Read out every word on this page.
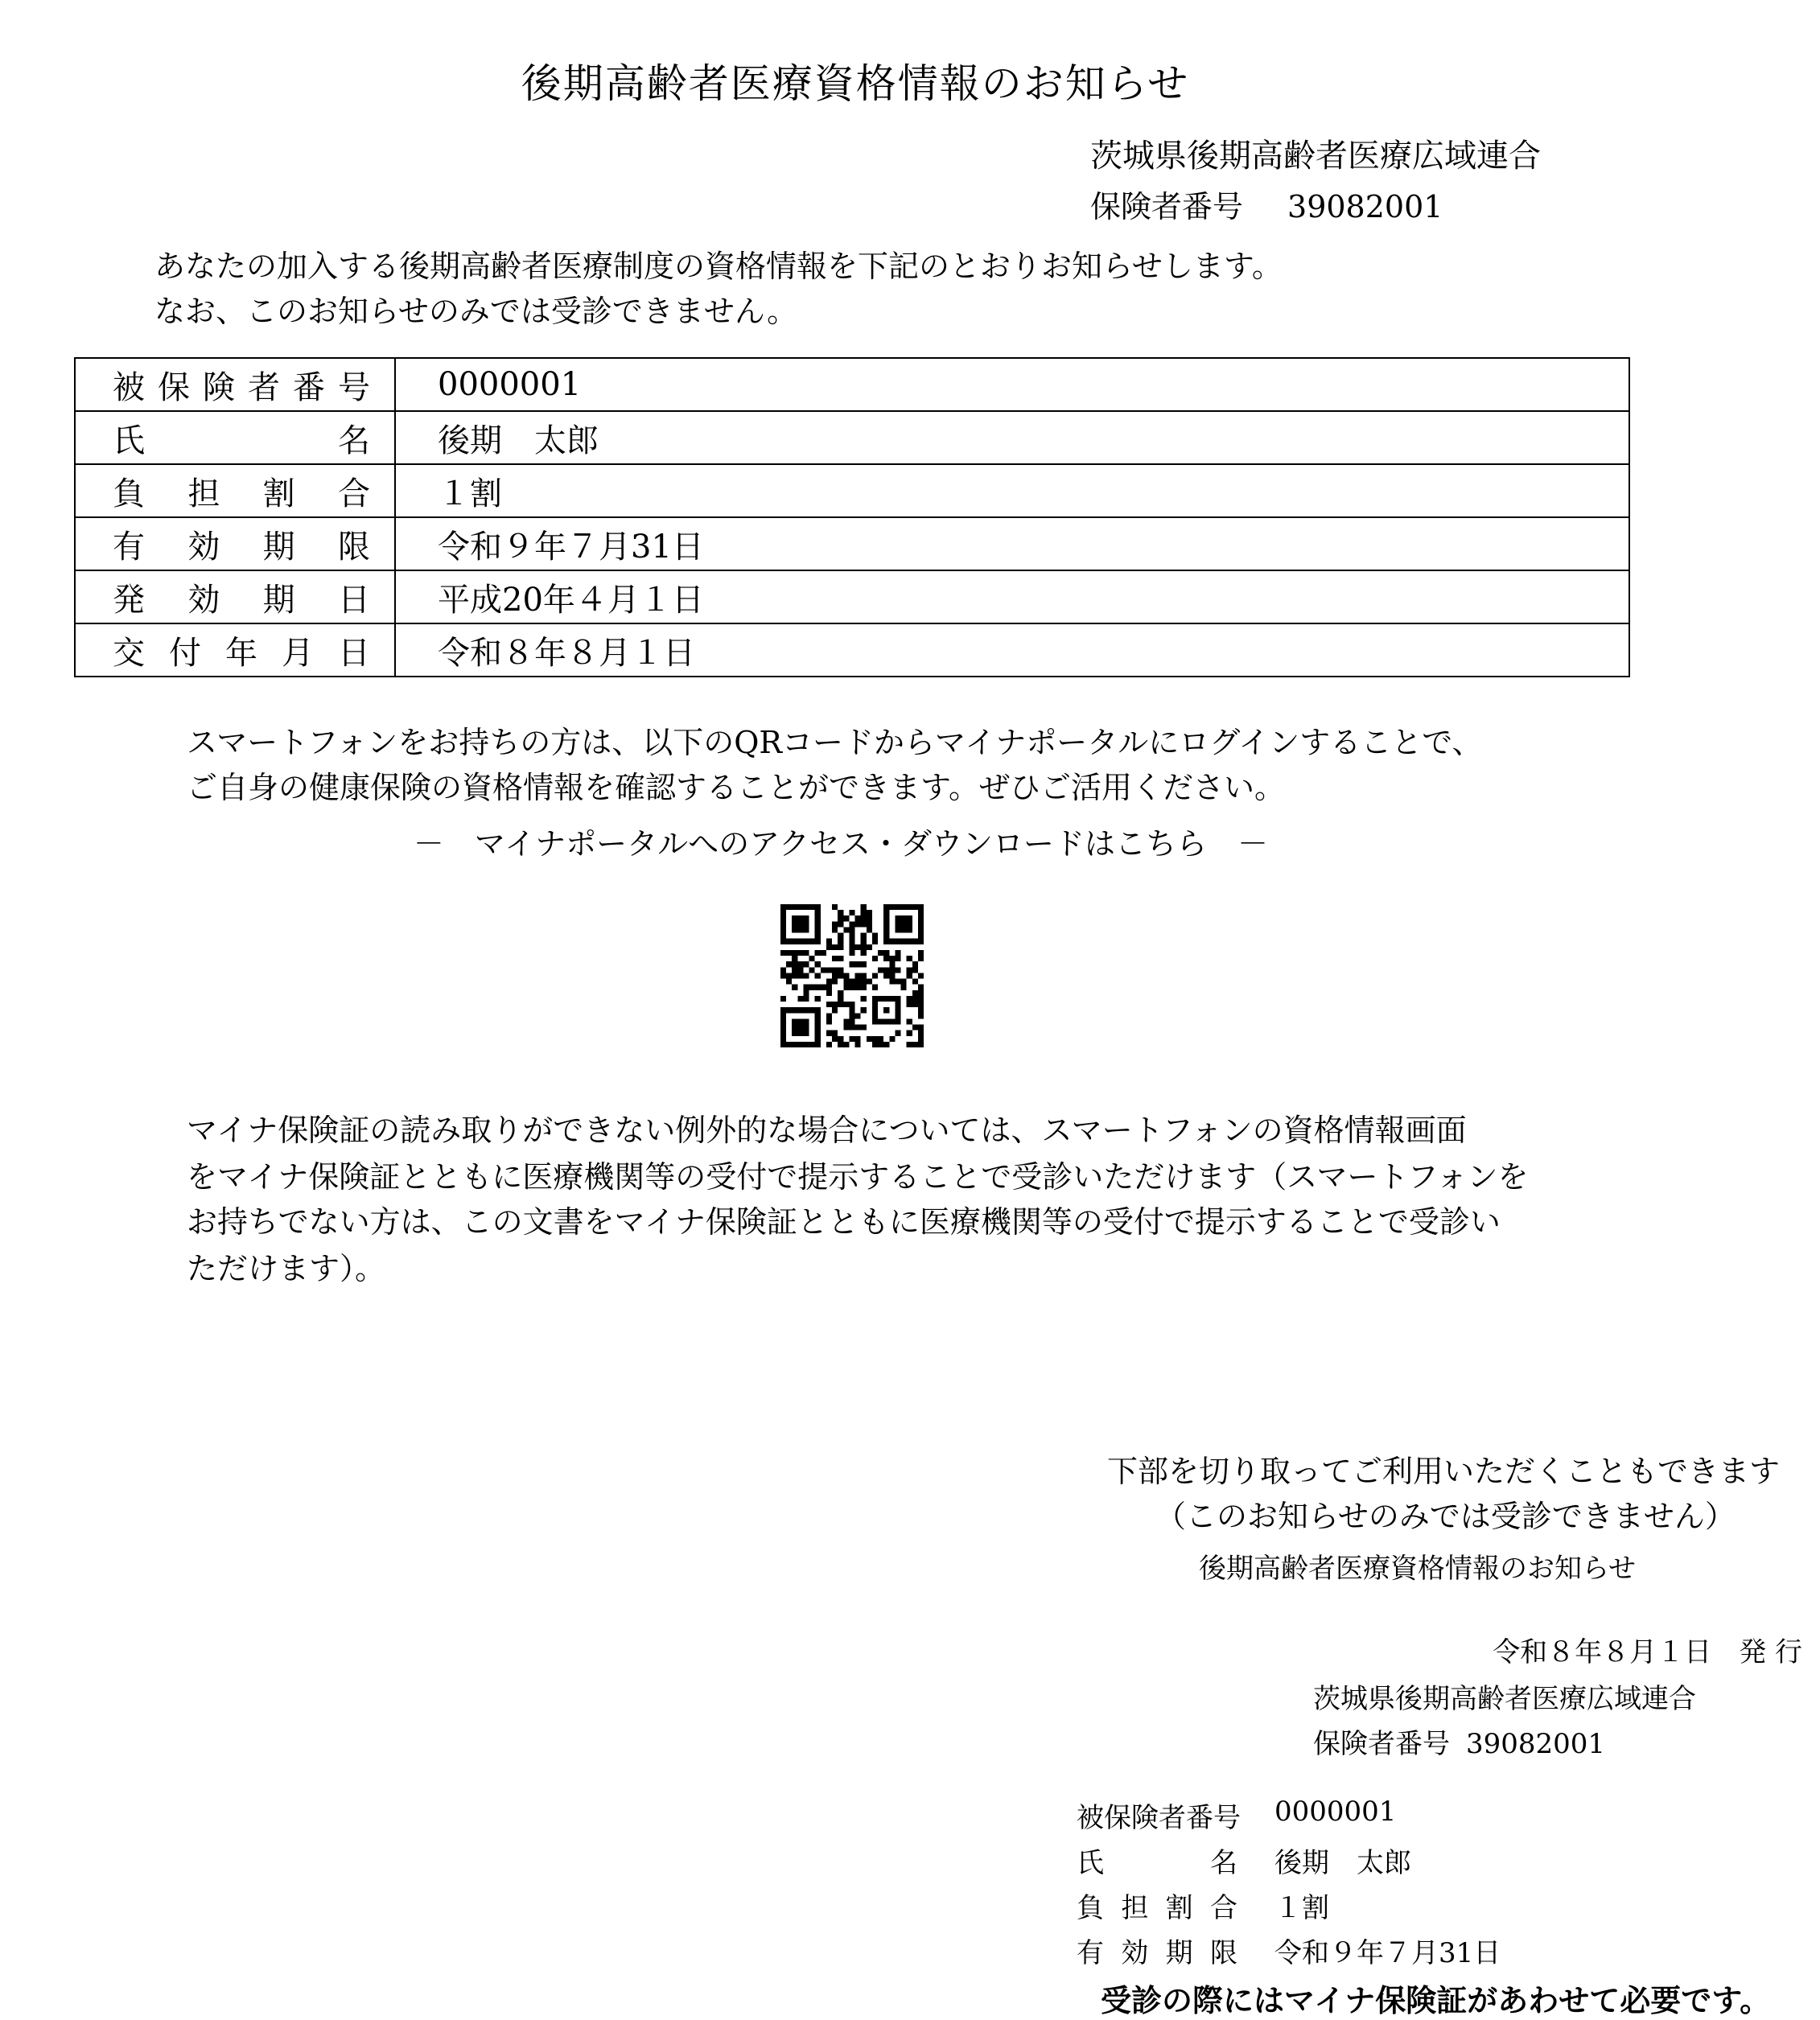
後期高齢者医療資格情報のお知らせ
茨城県後期高齢者医療広域連合
保険者番号 39082001
あなたの加入する後期高齢者医療制度の資格情報を下記のとおりお知らせします。
なお、このお知らせのみでは受診できません。
被保険者番号	0000001

氏名	後期　太郎

負担割合	１割

有効期限	令和９年７月31日

発効期日	平成20年４月１日

交付年月日	令和８年８月１日
スマートフォンをお持ちの方は、以下のQRコードからマイナポータルにログインすることで、
ご自身の健康保険の資格情報を確認することができます。ぜひご活用ください。
－　マイナポータルへのアクセス・ダウンロードはこちら　－
マイナ保険証の読み取りができない例外的な場合については、スマートフォンの資格情報画面
をマイナ保険証とともに医療機関等の受付で提示することで受診いただけます（スマートフォンを
お持ちでない方は、この文書をマイナ保険証とともに医療機関等の受付で提示することで受診い
ただけます）。
下部を切り取ってご利用いただくこともできます
（このお知らせのみでは受診できません）
後期高齢者医療資格情報のお知らせ
令和８年８月１日　 発 行
茨城県後期高齢者医療広域連合
保険者番号 39082001
被保険者番号 0000001
氏名 後期　太郎
負担割合 １割
有効期限 令和９年７月31日
受診の際にはマイナ保険証があわせて必要です。
